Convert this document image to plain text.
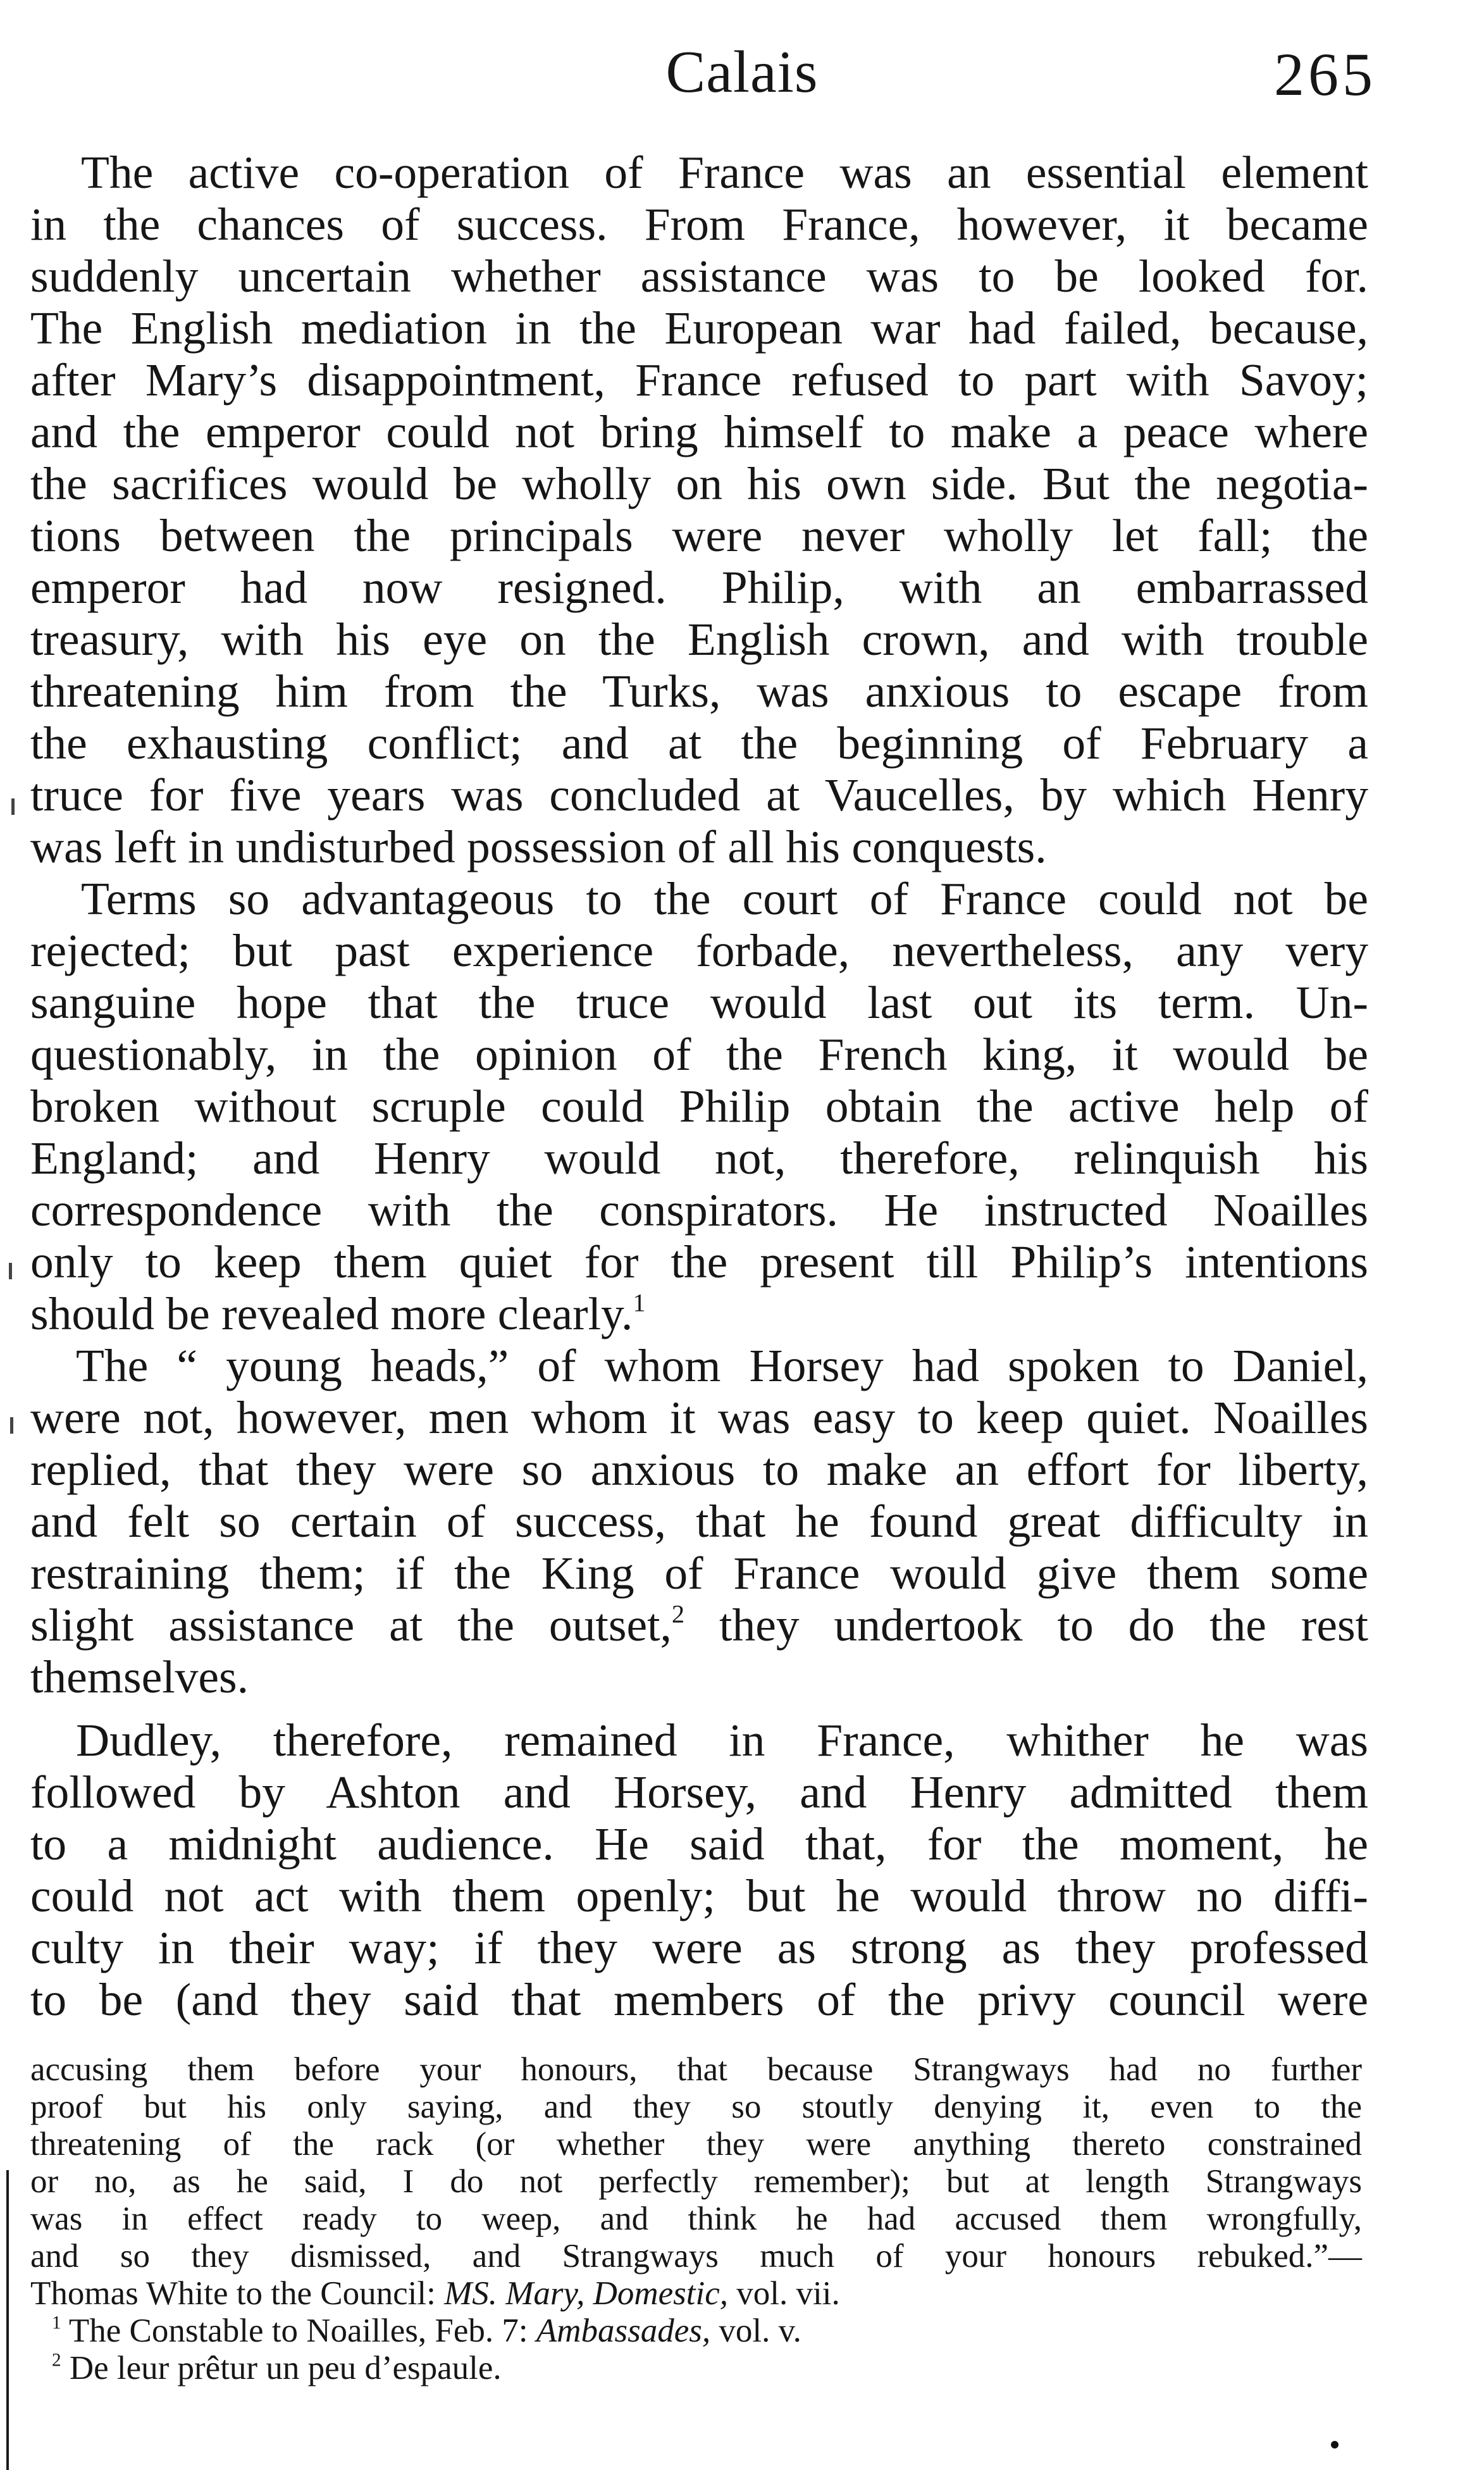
Calais	265
The active co-operation of France was an essential element
in the chances of success. From France, however, it became
suddenly uncertain whether assistance was to be looked for.
The English mediation in the European war had failed, because,
after Mary’s disappointment, France refused to part with Savoy;
and the emperor could not bring himself to make a peace where
the sacrifices would be wholly on his own side. But the negotia-
tions between the principals were never wholly let fall; the
emperor had now resigned. Philip, with an embarrassed
treasury, with his eye on the English crown, and with trouble
threatening him from the Turks, was anxious to escape from
the exhausting conflict; and at the beginning of February a
truce for five years was concluded at Vaucelles, by which Henry
was left in undisturbed possession of all his conquests.
Terms so advantageous to the court of France could not be
rejected; but past experience forbade, nevertheless, any very
sanguine hope that the truce would last out its term. Un-
questionably, in the opinion of the French king, it would be
broken without scruple could Philip obtain the active help of
England; and Henry would not, therefore, relinquish his
correspondence with the conspirators. He instructed Noailles
only to keep them quiet for the present till Philip’s intentions
should be revealed more clearly.$^1$
The “ young heads,” of whom Horsey had spoken to Daniel,
were not, however, men whom it was easy to keep quiet. Noailles
replied, that they were so anxious to make an effort for liberty,
and felt so certain of success, that he found great difficulty in
restraining them; if the King of France would give them some
slight assistance at the outset,$^2$ they undertook to do the rest
themselves.
Dudley, therefore, remained in France, whither he was
followed by Ashton and Horsey, and Henry admitted them
to a midnight audience. He said that, for the moment, he
could not act with them openly; but he would throw no diffi-
culty in their way; if they were as strong as they professed
to be (and they said that members of the privy council were
accusing them before your honours, that because Strangways had no further
proof but his only saying, and they so stoutly denying it, even to the
threatening of the rack (or whether they were anything thereto constrained
or no, as he said, I do not perfectly remember); but at length Strangways
was in effect ready to weep, and think he had accused them wrongfully,
and so they dismissed, and Strangways much of your honours rebuked.”—
Thomas White to the Council: MS. Mary, Domestic, vol. vii.
$^1$ The Constable to Noailles, Feb. 7: Ambassades, vol. v.
$^2$ De leur prêtur un peu d’espaule.
